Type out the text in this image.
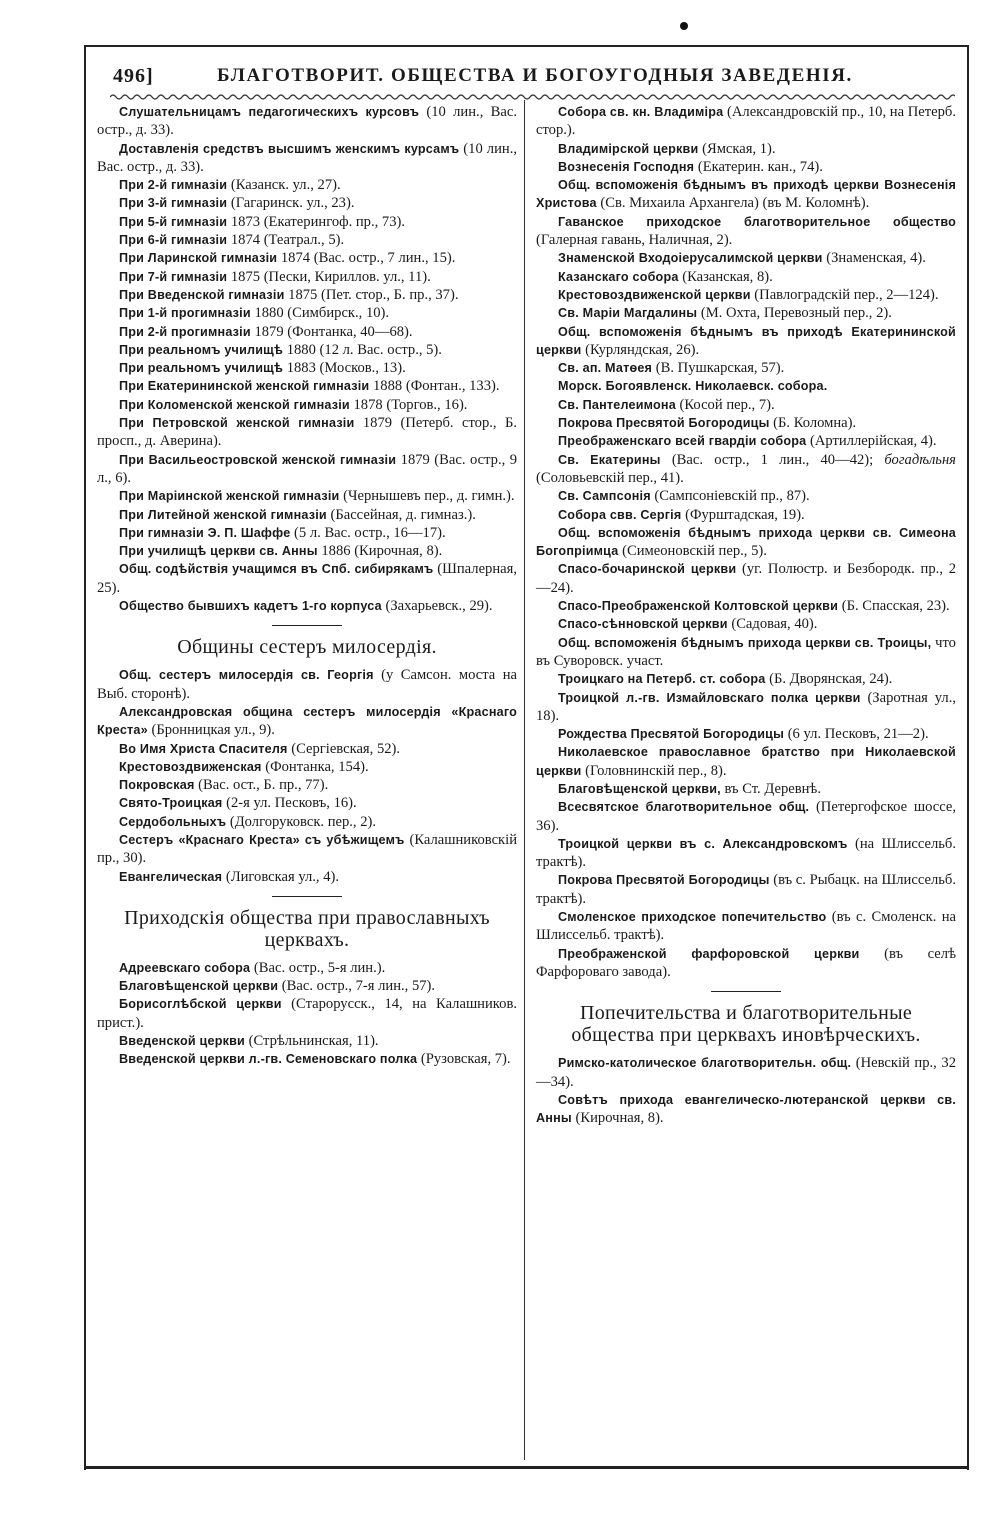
496]	БЛАГОТВОРИТ. ОБЩЕСТВА И БОГОУГОДНЫЯ ЗАВЕДЕНІЯ.

Слушательницамъ педагогическихъ курсовъ (10 лин., Вас. остр., д. 33).

Доставленія средствъ высшимъ женскимъ курсамъ (10 лин., Вас. остр., д. 33).

При 2-й гимназіи (Казанск. ул., 27).

При 3-й гимназіи (Гагаринск. ул., 23).

При 5-й гимназіи 1873 (Екатерингоф. пр., 73).

При 6-й гимназіи 1874 (Театрал., 5).

При Ларинской гимназіи 1874 (Вас. остр., 7 лин., 15).

При 7-й гимназіи 1875 (Пески, Кириллов. ул., 11).

При Введенской гимназіи 1875 (Пет. стор., Б. пр., 37).

При 1-й прогимназіи 1880 (Симбирск., 10).

При 2-й прогимназіи 1879 (Фонтанка, 40—68).

При реальномъ училищѣ 1880 (12 л. Вас. остр., 5).

При реальномъ училищѣ 1883 (Москов., 13).

При Екатерининской женской гимназіи 1888 (Фонтан., 133).

При Коломенской женской гимназіи 1878 (Торгов., 16).

При Петровской женской гимназіи 1879 (Петерб. стор., Б. просп., д. Аверина).

При Васильеостровской женской гимназіи 1879 (Вас. остр., 9 л., 6).

При Маріинской женской гимназіи (Чернышевъ пер., д. гимн.).

При Литейной женской гимназіи (Бассейная, д. гимназ.).

При гимназіи Э. П. Шаффе (5 л. Вас. остр., 16—17).

При училищѣ церкви св. Анны 1886 (Кирочная, 8).

Общ. содѣйствія учащимся въ Спб. сибирякамъ (Шпалерная, 25).

Общество бывшихъ кадетъ 1-го корпуса (Захарьевск., 29).

Общины сестеръ милосердія.

Общ. сестеръ милосердія св. Георгія (у Самсон. моста на Выб. сторонѣ).

Александровская община сестеръ милосердія «Краснаго Креста» (Бронницкая ул., 9).

Во Имя Христа Спасителя (Сергіевская, 52).

Крестовоздвиженская (Фонтанка, 154).

Покровская (Вас. ост., Б. пр., 77).

Свято-Троицкая (2-я ул. Песковъ, 16).

Сердобольныхъ (Долгоруковск. пер., 2).

Сестеръ «Краснаго Креста» съ убѣжищемъ (Калашниковскій пр., 30).

Евангелическая (Лиговская ул., 4).

Приходскія общества при православныхъ церквахъ.

Адреевскаго собора (Вас. остр., 5-я лин.).

Благовѣщенской церкви (Вас. остр., 7-я лин., 57).

Борисоглѣбской церкви (Старорусск., 14, на Калашников. прист.).

Введенской церкви (Стрѣльнинская, 11).

Введенской церкви л.-гв. Семеновскаго полка (Рузовская, 7).

Собора св. кн. Владиміра (Александровскій пр., 10, на Петерб. стор.).

Владимірской церкви (Ямская, 1).

Вознесенія Господня (Екатерин. кан., 74).

Общ. вспоможенія бѣднымъ въ приходѣ церкви Вознесенія Христова (Св. Михаила Архангела) (въ М. Коломнѣ).

Гаванское приходское благотворительное общество (Галерная гавань, Наличная, 2).

Знаменской Входоіерусалимской церкви (Знаменская, 4).

Казанскаго собора (Казанская, 8).

Крестовоздвиженской церкви (Павлоградскій пер., 2—124).

Св. Маріи Магдалины (М. Охта, Перевозный пер., 2).

Общ. вспоможенія бѣднымъ въ приходѣ Екатерининской церкви (Курляндская, 26).

Св. ап. Матѳея (В. Пушкарская, 57).

Морск. Богоявленск. Николаевск. собора.

Св. Пантелеимона (Косой пер., 7).

Покрова Пресвятой Богородицы (Б. Коломна).

Преображенскаго всей гвардіи собора (Артиллерійская, 4).

Св. Екатерины (Вас. остр., 1 лин., 40—42); богадѣльня (Соловьевскій пер., 41).

Св. Сампсонія (Сампсоніевскій пр., 87).

Собора свв. Сергія (Фурштадская, 19).

Общ. вспоможенія бѣднымъ прихода церкви св. Симеона Богопріимца (Симеоновскій пер., 5).

Спасо-бочаринской церкви (уг. Полюстр. и Безбородк. пр., 2—24).

Спасо-Преображенской Колтовской церкви (Б. Спасская, 23).

Спасо-сѣнновской церкви (Садовая, 40).

Общ. вспоможенія бѣднымъ прихода церкви св. Троицы, что въ Суворовск. участ.

Троицкаго на Петерб. ст. собора (Б. Дворянская, 24).

Троицкой л.-гв. Измайловскаго полка церкви (Заротная ул., 18).

Рождества Пресвятой Богородицы (6 ул. Песковъ, 21—2).

Николаевское православное братство при Николаевской церкви (Головнинскій пер., 8).

Благовѣщенской церкви, въ Ст. Деревнѣ.

Всесвятское благотворительное общ. (Петергофское шоссе, 36).

Троицкой церкви въ с. Александровскомъ (на Шлиссельб. трактѣ).

Покрова Пресвятой Богородицы (въ с. Рыбацк. на Шлиссельб. трактѣ).

Смоленское приходское попечительство (въ с. Смоленск. на Шлиссельб. трактѣ).

Преображенской фарфоровской церкви (въ селѣ Фарфороваго завода).

Попечительства и благотворительные общества при церквахъ иновѣрческихъ.

Римско-католическое благотворительн. общ. (Невскій пр., 32—34).

Совѣтъ прихода евангелическо-лютеранской церкви св. Анны (Кирочная, 8).
